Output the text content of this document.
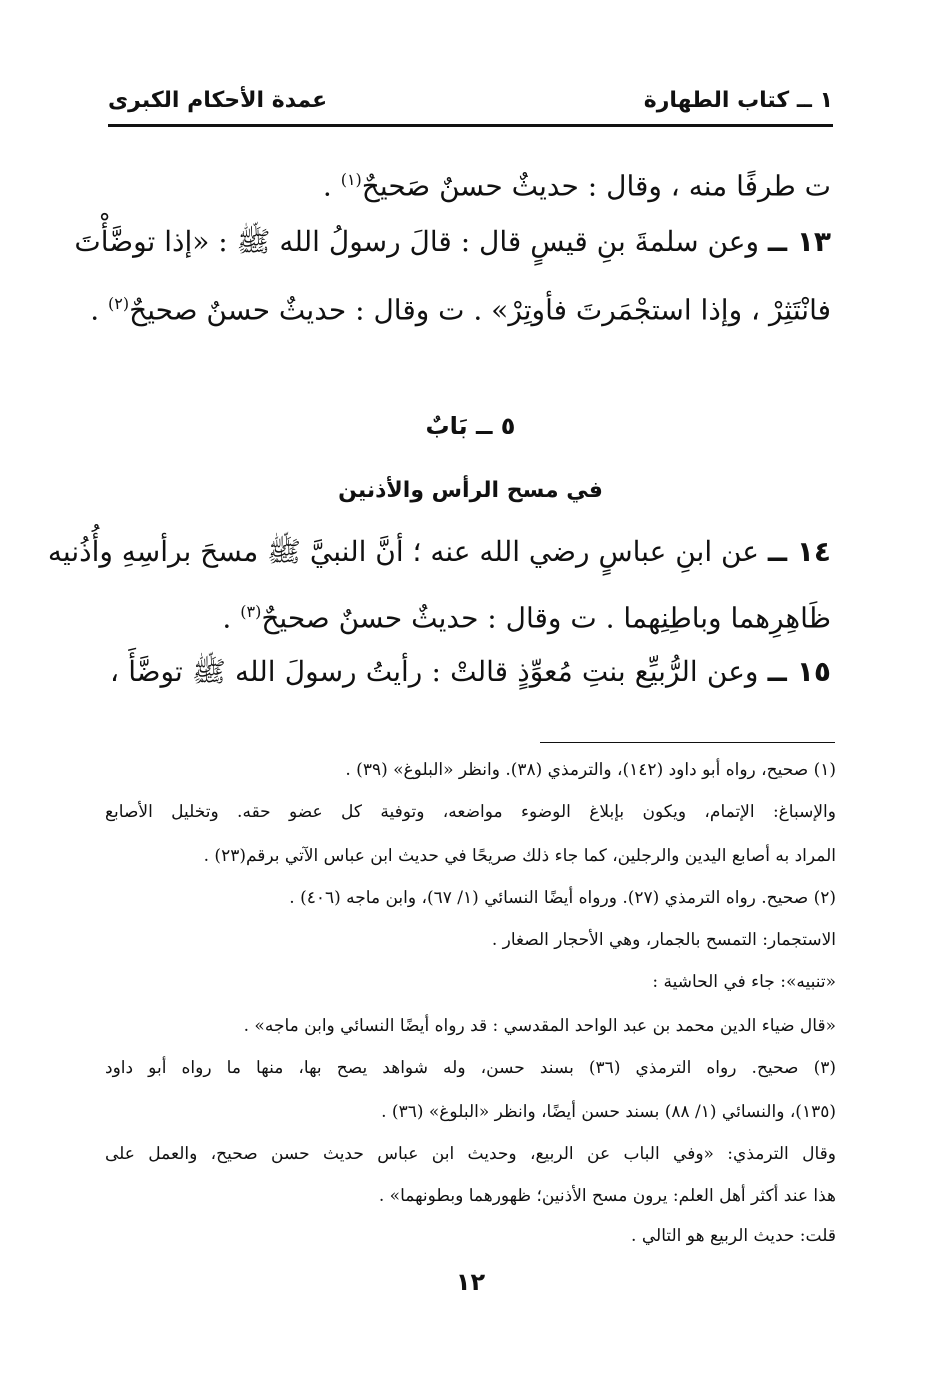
١ ــ كتاب الطهارة
عمدة الأحكام الكبرى
ت طرفًا منه ، وقال : حديثٌ حسنٌ صَحيحٌ$^{(١)}$ .
١٣ ــ وعن سلمةَ بنِ قيسٍ قال : قالَ رسولُ الله ﷺ : «إذا توضَّأْتَ
فانْتَثِرْ ، وإذا استجْمَرتَ فأوتِرْ» . ت وقال : حديثٌ حسنٌ صحيحٌ$^{(٢)}$ .
٥ ــ بَابٌ
في مسح الرأس والأذنين
١٤ ــ عن ابنِ عباسٍ رضي الله عنه ؛ أنَّ النبيَّ ﷺ مسحَ برأسِهِ وأُذُنيه
ظَاهِرِهما وباطِنِهما . ت وقال : حديثٌ حسنٌ صحيحٌ$^{(٣)}$ .
١٥ ــ وعن الرُّبيِّع بنتِ مُعوِّذٍ قالتْ : رأيتُ رسولَ الله ﷺ توضَّأَ ،
(١) صحيح، رواه أبو داود (١٤٢)، والترمذي (٣٨). وانظر «البلوغ» (٣٩) .
والإسباغ: الإتمام، ويكون بإبلاغ الوضوء مواضعه، وتوفية كل عضو حقه. وتخليل الأصابع
المراد به أصابع اليدين والرجلين، كما جاء ذلك صريحًا في حديث ابن عباس الآتي برقم(٢٣) .
(٢) صحيح. رواه الترمذي (٢٧). ورواه أيضًا النسائي (١/ ٦٧)، وابن ماجه (٤٠٦) .
الاستجمار: التمسح بالجمار، وهي الأحجار الصغار .
«تنبيه»: جاء في الحاشية :
«قال ضياء الدين محمد بن عبد الواحد المقدسي : قد رواه أيضًا النسائي وابن ماجه» .
(٣) صحيح. رواه الترمذي (٣٦) بسند حسن، وله شواهد يصح بها، منها ما رواه أبو داود
(١٣٥)، والنسائي (١/ ٨٨) بسند حسن أيضًا، وانظر «البلوغ» (٣٦) .
وقال الترمذي: «وفي الباب عن الربيع، وحديث ابن عباس حديث حسن صحيح، والعمل على
هذا عند أكثر أهل العلم: يرون مسح الأذنين؛ ظهورهما وبطونهما» .
قلت: حديث الربيع هو التالي .
١٢
